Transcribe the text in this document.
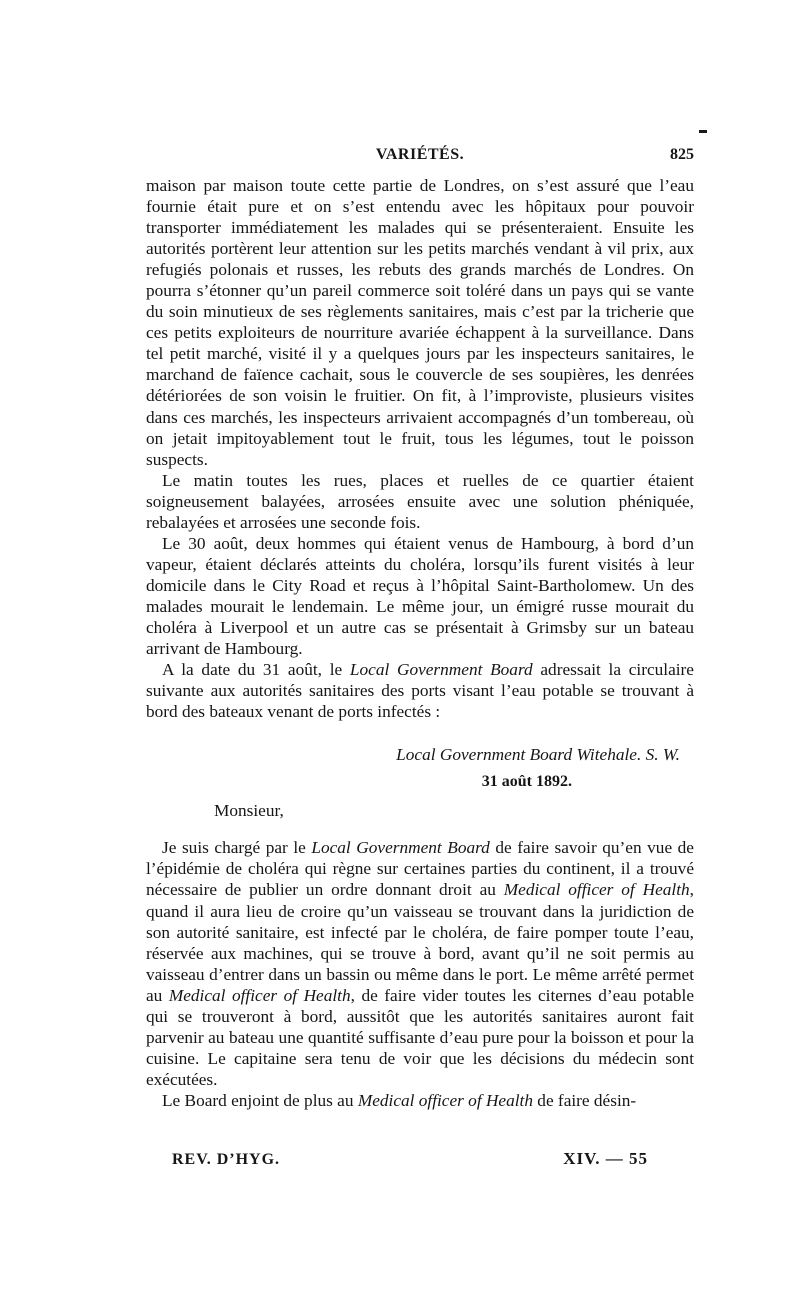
VARIÉTÉS.	825

maison par maison toute cette partie de Londres, on s’est assuré que l’eau fournie était pure et on s’est entendu avec les hôpitaux pour pouvoir transporter immédiatement les malades qui se présenteraient. Ensuite les autorités portèrent leur attention sur les petits marchés vendant à vil prix, aux refugiés polonais et russes, les rebuts des grands marchés de Londres. On pourra s’étonner qu’un pareil commerce soit toléré dans un pays qui se vante du soin minutieux de ses règlements sanitaires, mais c’est par la tricherie que ces petits exploiteurs de nourriture avariée échappent à la surveillance. Dans tel petit marché, visité il y a quelques jours par les inspecteurs sanitaires, le marchand de faïence cachait, sous le couvercle de ses soupières, les denrées détériorées de son voisin le fruitier. On fit, à l’improviste, plusieurs visites dans ces marchés, les inspecteurs arrivaient accompagnés d’un tombereau, où on jetait impitoyablement tout le fruit, tous les légumes, tout le poisson suspects.

Le matin toutes les rues, places et ruelles de ce quartier étaient soigneusement balayées, arrosées ensuite avec une solution phéniquée, rebalayées et arrosées une seconde fois.

Le 30 août, deux hommes qui étaient venus de Hambourg, à bord d’un vapeur, étaient déclarés atteints du choléra, lorsqu’ils furent visités à leur domicile dans le City Road et reçus à l’hôpital Saint-Bartholomew. Un des malades mourait le lendemain. Le même jour, un émigré russe mourait du choléra à Liverpool et un autre cas se présentait à Grimsby sur un bateau arrivant de Hambourg.

A la date du 31 août, le Local Government Board adressait la circulaire suivante aux autorités sanitaires des ports visant l’eau potable se trouvant à bord des bateaux venant de ports infectés :

Local Government Board Witehale. S. W.
31 août 1892.
Monsieur,

Je suis chargé par le Local Government Board de faire savoir qu’en vue de l’épidémie de choléra qui règne sur certaines parties du continent, il a trouvé nécessaire de publier un ordre donnant droit au Medical officer of Health, quand il aura lieu de croire qu’un vaisseau se trouvant dans la juridiction de son autorité sanitaire, est infecté par le choléra, de faire pomper toute l’eau, réservée aux machines, qui se trouve à bord, avant qu’il ne soit permis au vaisseau d’entrer dans un bassin ou même dans le port. Le même arrêté permet au Medical officer of Health, de faire vider toutes les citernes d’eau potable qui se trouveront à bord, aussitôt que les autorités sanitaires auront fait parvenir au bateau une quantité suffisante d’eau pure pour la boisson et pour la cuisine. Le capitaine sera tenu de voir que les décisions du médecin sont exécutées.

Le Board enjoint de plus au Medical officer of Health de faire désin-

REV. D’HYG.	XIV. — 55
